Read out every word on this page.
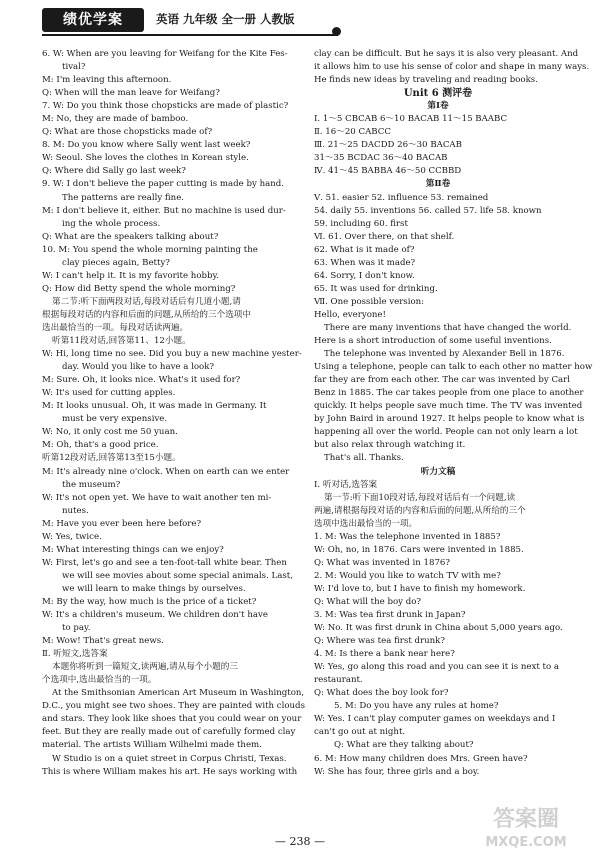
绩优学案	英语 九年级 全一册 人教版
6. W: When are you leaving for Weifang for the Kite Fes-
tival?
M: I'm leaving this afternoon.
Q: When will the man leave for Weifang?
7. W: Do you think those chopsticks are made of plastic?
M: No, they are made of bamboo.
Q: What are those chopsticks made of?
8. M: Do you know where Sally went last week?
W: Seoul. She loves the clothes in Korean style.
Q: Where did Sally go last week?
9. W: I don't believe the paper cutting is made by hand.
The patterns are really fine.
M: I don't believe it, either. But no machine is used dur-
ing the whole process.
Q: What are the speakers talking about?
10. M: You spend the whole morning painting the
clay pieces again, Betty?
W: I can't help it. It is my favorite hobby.
Q: How did Betty spend the whole morning?
第二节:听下面两段对话,每段对话后有几道小题,请
根据每段对话的内容和后面的问题,从所给的三个选项中
选出最恰当的一项。每段对话读两遍。
听第11段对话,回答第11、12小题。
W: Hi, long time no see. Did you buy a new machine yester-
day. Would you like to have a look?
M: Sure. Oh, it looks nice. What's it used for?
W: It's used for cutting apples.
M: It looks unusual. Oh, it was made in Germany. It
must be very expensive.
W: No, it only cost me 50 yuan.
M: Oh, that's a good price.
听第12段对话,回答第13至15小题。
M: It's already nine o'clock. When on earth can we enter
the museum?
W: It's not open yet. We have to wait another ten mi-
nutes.
M: Have you ever been here before?
W: Yes, twice.
M: What interesting things can we enjoy?
W: First, let's go and see a ten-foot-tall white bear. Then
we will see movies about some special animals. Last,
we will learn to make things by ourselves.
M: By the way, how much is the price of a ticket?
W: It's a children's museum. We children don't have
to pay.
M: Wow! That's great news.
Ⅱ. 听短文,选答案
本题你将听到一篇短文,读两遍,请从每个小题的三
个选项中,选出最恰当的一项。
At the Smithsonian American Art Museum in Washington,
D.C., you might see two shoes. They are painted with clouds
and stars. They look like shoes that you could wear on your
feet. But they are really made out of carefully formed clay
material. The artists William Wilhelmi made them.
W Studio is on a quiet street in Corpus Christi, Texas.
This is where William makes his art. He says working with
clay can be difficult. But he says it is also very pleasant. And
it allows him to use his sense of color and shape in many ways.
He finds new ideas by traveling and reading books.
Unit 6 测评卷
第Ⅰ卷
Ⅰ. 1～5 CBCAB 6～10 BACAB 11～15 BAABC
Ⅱ. 16～20 CABCC
Ⅲ. 21～25 DACDD 26～30 BACAB
31～35 BCDAC 36～40 BACAB
Ⅳ. 41～45 BABBA 46～50 CCBBD
第Ⅱ卷
Ⅴ. 51. easier 52. influence 53. remained
54. daily 55. inventions 56. called 57. life 58. known
59. including 60. first
Ⅵ. 61. Over there, on that shelf.
62. What is it made of?
63. When was it made?
64. Sorry, I don't know.
65. It was used for drinking.
Ⅶ. One possible version:
Hello, everyone!
There are many inventions that have changed the world.
Here is a short introduction of some useful inventions.
The telephone was invented by Alexander Bell in 1876.
Using a telephone, people can talk to each other no matter how
far they are from each other. The car was invented by Carl
Benz in 1885. The car takes people from one place to another
quickly. It helps people save much time. The TV was invented
by John Baird in around 1927. It helps people to know what is
happening all over the world. People can not only learn a lot
but also relax through watching it.
That's all. Thanks.
听力文稿
Ⅰ. 听对话,选答案
第一节:听下面10段对话,每段对话后有一个问题,读
两遍,请根据每段对话的内容和后面的问题,从所给的三个
选项中选出最恰当的一项。
1. M: Was the telephone invented in 1885?
W: Oh, no, in 1876. Cars were invented in 1885.
Q: What was invented in 1876?
2. M: Would you like to watch TV with me?
W: I'd love to, but I have to finish my homework.
Q: What will the boy do?
3. M: Was tea first drunk in Japan?
W: No. It was first drunk in China about 5,000 years ago.
Q: Where was tea first drunk?
4. M: Is there a bank near here?
W: Yes, go along this road and you can see it is next to a
restaurant.
Q: What does the boy look for?
5. M: Do you have any rules at home?
W: Yes. I can't play computer games on weekdays and I
can't go out at night.
Q: What are they talking about?
6. M: How many children does Mrs. Green have?
W: She has four, three girls and a boy.
— 238 —
答案圈
MXQE.COM
